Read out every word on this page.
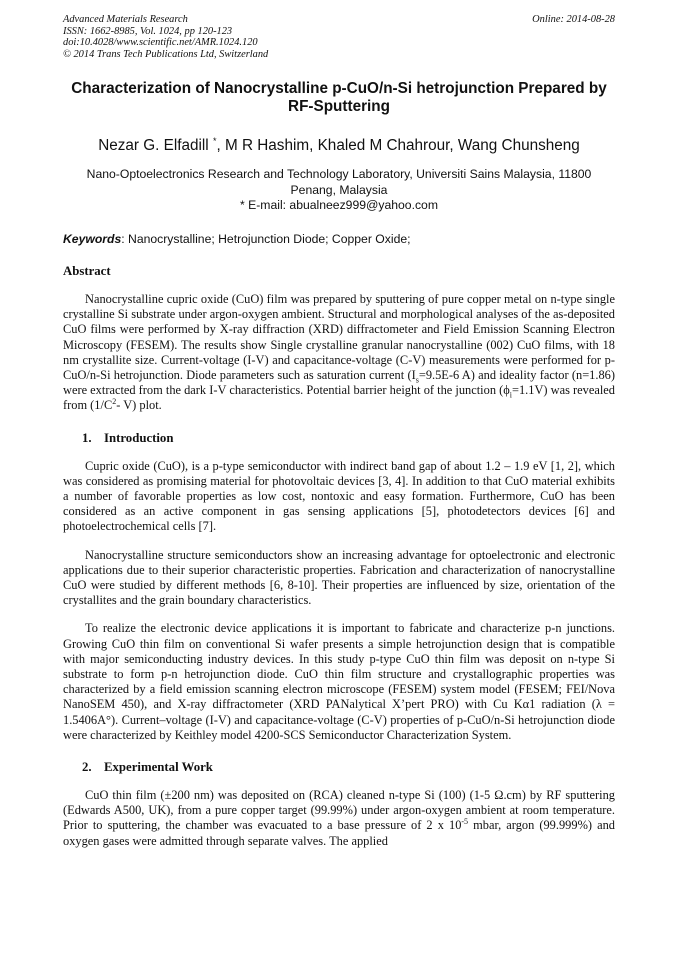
Advanced Materials Research
ISSN: 1662-8985, Vol. 1024, pp 120-123
doi:10.4028/www.scientific.net/AMR.1024.120
© 2014 Trans Tech Publications Ltd, Switzerland
Online: 2014-08-28
Characterization of Nanocrystalline p-CuO/n-Si hetrojunction Prepared by RF-Sputtering
Nezar G. Elfadill *, M R Hashim, Khaled M Chahrour, Wang Chunsheng
Nano-Optoelectronics Research and Technology Laboratory, Universiti Sains Malaysia, 11800 Penang, Malaysia
* E-mail: abualneez999@yahoo.com
Keywords: Nanocrystalline; Hetrojunction Diode; Copper Oxide;
Abstract

Nanocrystalline cupric oxide (CuO) film was prepared by sputtering of pure copper metal on n-type single crystalline Si substrate under argon-oxygen ambient. Structural and morphological analyses of the as-deposited CuO films were performed by X-ray diffraction (XRD) diffractometer and Field Emission Scanning Electron Microscopy (FESEM). The results show Single crystalline granular nanocrystalline (002) CuO films, with 18 nm crystallite size. Current-voltage (I-V) and capacitance-voltage (C-V) measurements were performed for p-CuO/n-Si hetrojunction. Diode parameters such as saturation current ($I_s=9.5E-6$ A) and ideality factor (n=1.86) were extracted from the dark I-V characteristics. Potential barrier height of the junction $(\phi_i=1.1V)$ was revealed from ($1/C^2-$ V) plot.

1. Introduction

Cupric oxide (CuO), is a p-type semiconductor with indirect band gap of about 1.2 – 1.9 eV [1, 2], which was considered as promising material for photovoltaic devices [3, 4]. In addition to that CuO material exhibits a number of favorable properties as low cost, nontoxic and easy formation. Furthermore, CuO has been considered as an active component in gas sensing applications [5], photodetectors devices [6] and photoelectrochemical cells [7].

Nanocrystalline structure semiconductors show an increasing advantage for optoelectronic and electronic applications due to their superior characteristic properties. Fabrication and characterization of nanocrystalline CuO were studied by different methods [6, 8-10]. Their properties are influenced by size, orientation of the crystallites and the grain boundary characteristics.

To realize the electronic device applications it is important to fabricate and characterize p-n junctions. Growing CuO thin film on conventional Si wafer presents a simple hetrojunction design that is compatible with major semiconducting industry devices. In this study p-type CuO thin film was deposit on n-type Si substrate to form p-n hetrojunction diode. CuO thin film structure and crystallographic properties was characterized by a field emission scanning electron microscope (FESEM) system model (FESEM; FEI/Nova NanoSEM 450), and X-ray diffractometer (XRD PANalytical X’pert PRO) with Cu Kα1 radiation (λ = 1.5406A°). Current–voltage (I-V) and capacitance-voltage (C-V) properties of p-CuO/n-Si hetrojunction diode were characterized by Keithley model 4200-SCS Semiconductor Characterization System.

2. Experimental Work

CuO thin film (±200 nm) was deposited on (RCA) cleaned n-type Si (100) (1-5 Ω.cm) by RF sputtering (Edwards A500, UK), from a pure copper target (99.99%) under argon-oxygen ambient at room temperature. Prior to sputtering, the chamber was evacuated to a base pressure of 2 x $10^{-5}$ mbar, argon (99.999%) and oxygen gases were admitted through separate valves. The applied
